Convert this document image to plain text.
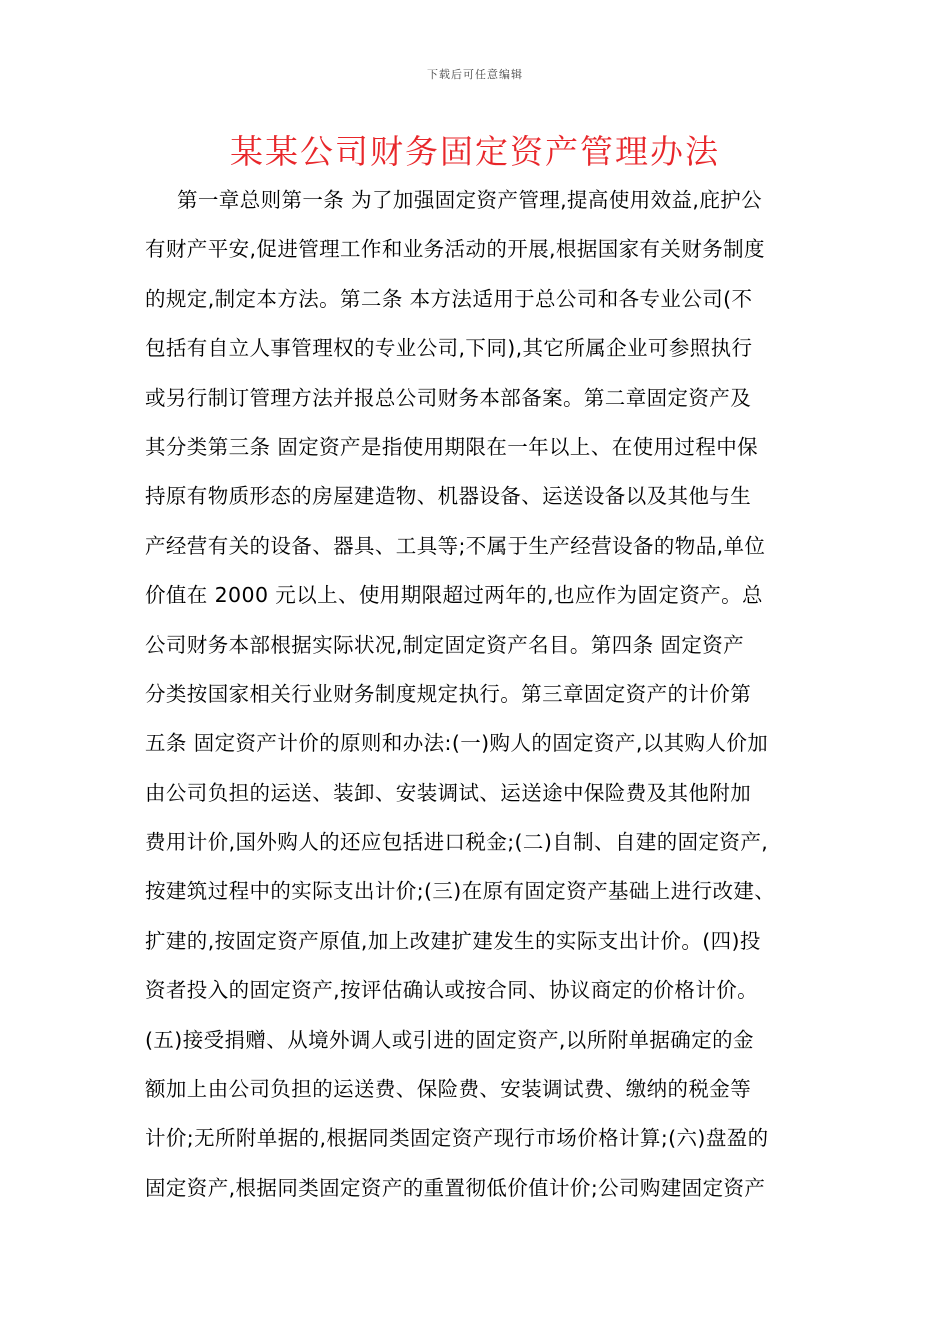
下载后可任意编辑
某某公司财务固定资产管理办法
第一章总则第一条 为了加强固定资产管理,提高使用效益,庇护公
有财产平安,促进管理工作和业务活动的开展,根据国家有关财务制度
的规定,制定本方法。第二条 本方法适用于总公司和各专业公司(不
包括有自立人事管理权的专业公司,下同),其它所属企业可参照执行
或另行制订管理方法并报总公司财务本部备案。第二章固定资产及
其分类第三条 固定资产是指使用期限在一年以上、在使用过程中保
持原有物质形态的房屋建造物、机器设备、运送设备以及其他与生
产经营有关的设备、器具、工具等;不属于生产经营设备的物品,单位
价值在 2000 元以上、使用期限超过两年的,也应作为固定资产。总
公司财务本部根据实际状况,制定固定资产名目。第四条 固定资产
分类按国家相关行业财务制度规定执行。第三章固定资产的计价第
五条 固定资产计价的原则和办法:(一)购人的固定资产,以其购人价加
由公司负担的运送、装卸、安装调试、运送途中保险费及其他附加
费用计价,国外购人的还应包括进口税金;(二)自制、自建的固定资产,
按建筑过程中的实际支出计价;(三)在原有固定资产基础上进行改建、
扩建的,按固定资产原值,加上改建扩建发生的实际支出计价。(四)投
资者投入的固定资产,按评估确认或按合同、协议商定的价格计价。
(五)接受捐赠、从境外调人或引进的固定资产,以所附单据确定的金
额加上由公司负担的运送费、保险费、安装调试费、缴纳的税金等
计价;无所附单据的,根据同类固定资产现行市场价格计算;(六)盘盈的
固定资产,根据同类固定资产的重置彻低价值计价;公司购建固定资产
